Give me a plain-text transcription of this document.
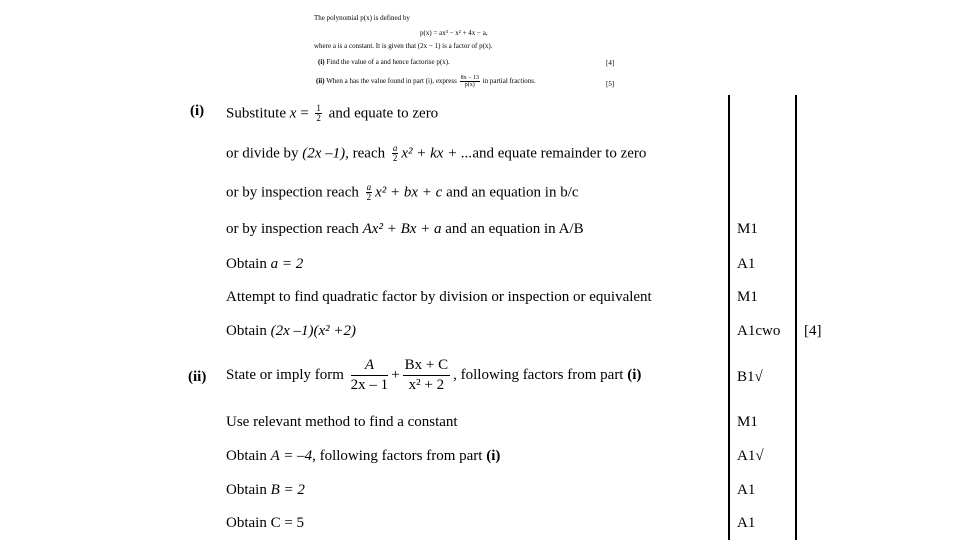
The polynomial p(x) is defined by
p(x) = ax³ − x² + 4x − a,
where a is a constant. It is given that (2x − 1) is a factor of p(x).
(i) Find the value of a and hence factorise p(x).	[4]
(ii) When a has the value found in part (i), express $\frac{8x - 13}{p(x)}$ in partial fractions.	[5]
(i) Substitute $x = \frac{1}{2}$ and equate to zero
or divide by (2x –1), reach $\frac{a}{2} x^2$ + kx + ...and equate remainder to zero
or by inspection reach $\frac{a}{2} x^2$ + bx + c and an equation in b/c
or by inspection reach Ax² + Bx + a and an equation in A/B	M1
Obtain a = 2	A1
Attempt to find quadratic factor by division or inspection or equivalent	M1
Obtain (2x –1)(x² +2)	A1cwo [4]
(ii) State or imply form $\frac{A}{2x - 1} + \frac{Bx + C}{\text{x² + 2}}$ , following factors from part (i)	B1√
Use relevant method to find a constant	M1
Obtain A = –4, following factors from part (i)	A1√
Obtain B = 2	A1
Obtain C = 5	A1
